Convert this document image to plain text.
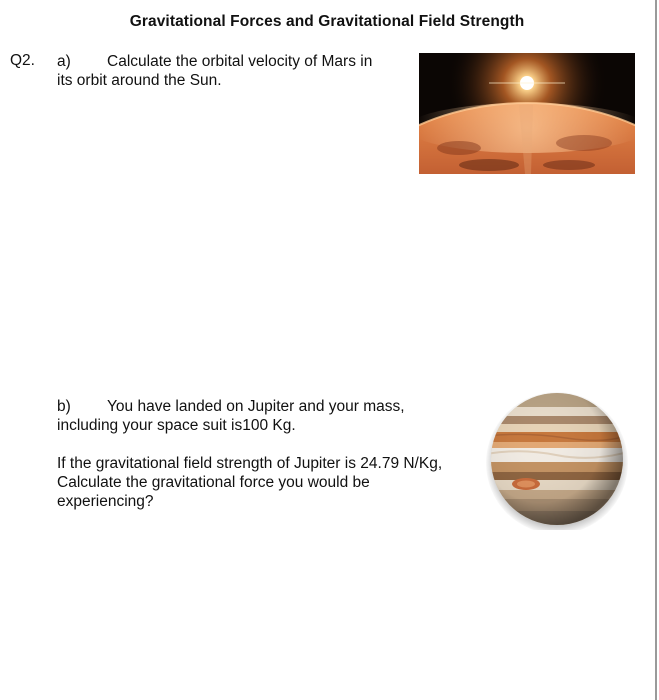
Gravitational Forces and Gravitational Field Strength
Q2. a) Calculate the orbital velocity of Mars in
its orbit around the Sun.
b) You have landed on Jupiter and your mass,
including your space suit is100 Kg.
If the gravitational field strength of Jupiter is 24.79 N/Kg,
Calculate the gravitational force you would be
experiencing?
